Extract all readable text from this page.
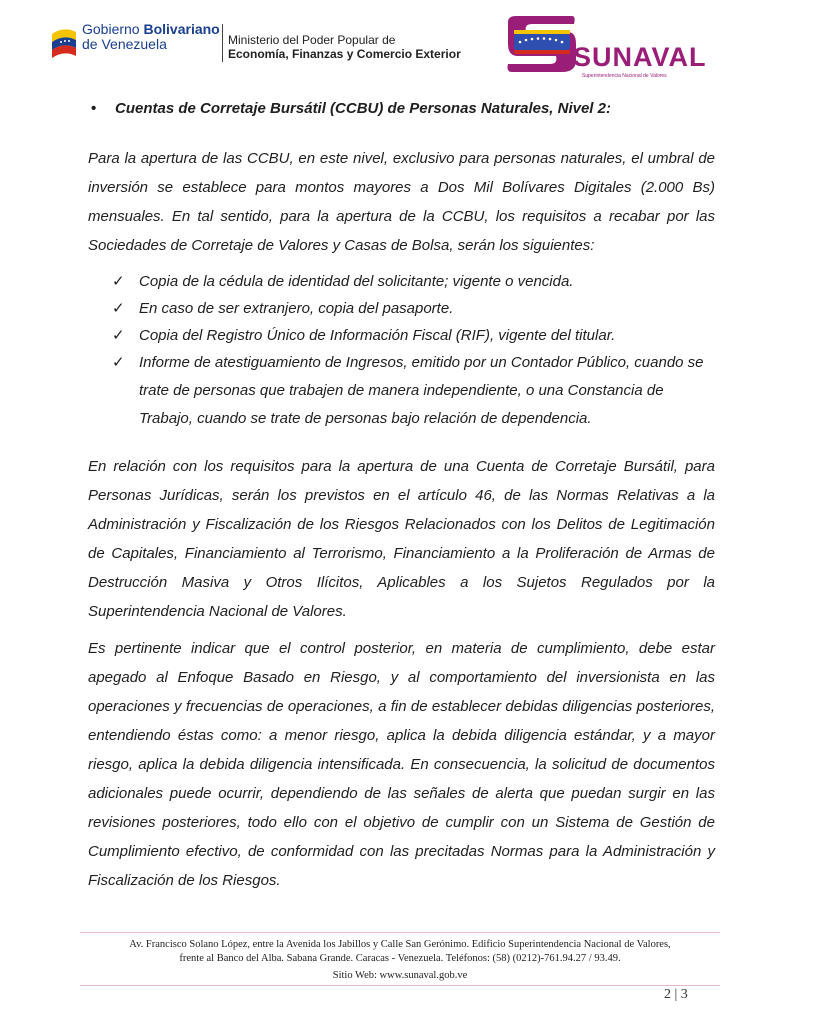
Gobierno Bolivariano
de Venezuela	Ministerio del Poder Popular de
Economía, Finanzas y Comercio Exterior	SUNAVAL
Superintendencia Nacional de Valores
• Cuentas de Corretaje Bursátil (CCBU) de Personas Naturales, Nivel 2:

Para la apertura de las CCBU, en este nivel, exclusivo para personas naturales, el umbral de inversión se establece para montos mayores a Dos Mil Bolívares Digitales (2.000 Bs) mensuales. En tal sentido, para la apertura de la CCBU, los requisitos a recabar por las Sociedades de Corretaje de Valores y Casas de Bolsa, serán los siguientes:

✓ Copia de la cédula de identidad del solicitante; vigente o vencida.
✓ En caso de ser extranjero, copia del pasaporte.
✓ Copia del Registro Único de Información Fiscal (RIF), vigente del titular.
✓ Informe de atestiguamiento de Ingresos, emitido por un Contador Público, cuando se trate de personas que trabajen de manera independiente, o una Constancia de Trabajo, cuando se trate de personas bajo relación de dependencia.

En relación con los requisitos para la apertura de una Cuenta de Corretaje Bursátil, para Personas Jurídicas, serán los previstos en el artículo 46, de las Normas Relativas a la Administración y Fiscalización de los Riesgos Relacionados con los Delitos de Legitimación de Capitales, Financiamiento al Terrorismo, Financiamiento a la Proliferación de Armas de Destrucción Masiva y Otros Ilícitos, Aplicables a los Sujetos Regulados por la Superintendencia Nacional de Valores.

Es pertinente indicar que el control posterior, en materia de cumplimiento, debe estar apegado al Enfoque Basado en Riesgo, y al comportamiento del inversionista en las operaciones y frecuencias de operaciones, a fin de establecer debidas diligencias posteriores, entendiendo éstas como: a menor riesgo, aplica la debida diligencia estándar, y a mayor riesgo, aplica la debida diligencia intensificada. En consecuencia, la solicitud de documentos adicionales puede ocurrir, dependiendo de las señales de alerta que puedan surgir en las revisiones posteriores, todo ello con el objetivo de cumplir con un Sistema de Gestión de Cumplimiento efectivo, de conformidad con las precitadas Normas para la Administración y Fiscalización de los Riesgos.

Av. Francisco Solano López, entre la Avenida los Jabillos y Calle San Gerónimo. Edificio Superintendencia Nacional de Valores,
frente al Banco del Alba. Sabana Grande. Caracas - Venezuela. Teléfonos: (58) (0212)-761.94.27 / 93.49.
Sitio Web: www.sunaval.gob.ve
2 | 3
